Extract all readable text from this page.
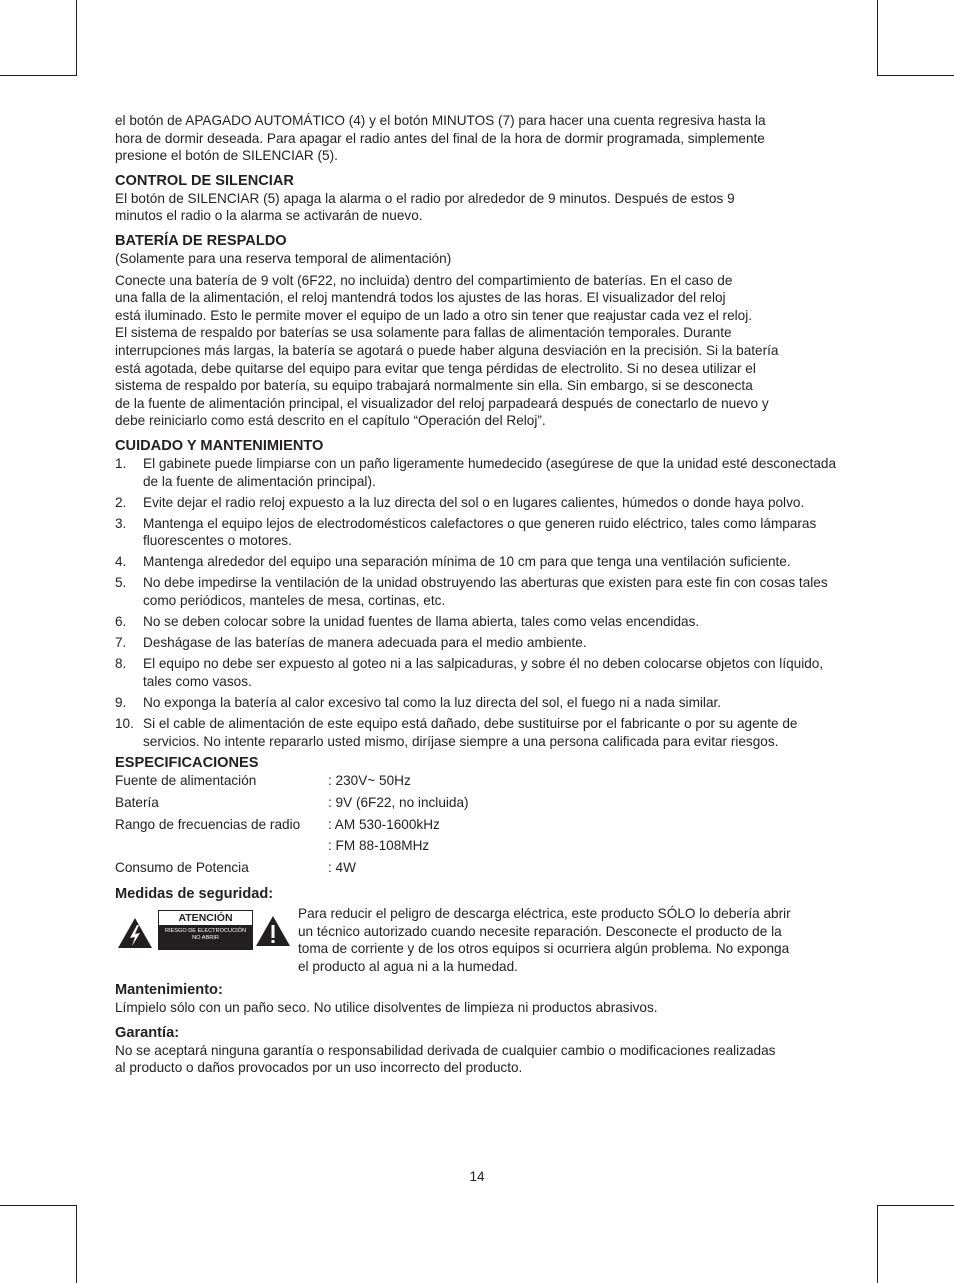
el botón de APAGADO AUTOMÁTICO (4) y el botón MINUTOS (7) para hacer una cuenta regresiva hasta la
hora de dormir deseada. Para apagar el radio antes del final de la hora de dormir programada, simplemente
presione el botón de SILENCIAR (5).

CONTROL DE SILENCIAR

El botón de SILENCIAR (5) apaga la alarma o el radio por alrededor de 9 minutos. Después de estos 9
minutos el radio o la alarma se activarán de nuevo.

BATERÍA DE RESPALDO

(Solamente para una reserva temporal de alimentación)
Conecte una batería de 9 volt (6F22, no incluida) dentro del compartimiento de baterías. En el caso de
una falla de la alimentación, el reloj mantendrá todos los ajustes de las horas. El visualizador del reloj
está iluminado. Esto le permite mover el equipo de un lado a otro sin tener que reajustar cada vez el reloj.
El sistema de respaldo por baterías se usa solamente para fallas de alimentación temporales. Durante
interrupciones más largas, la batería se agotará o puede haber alguna desviación en la precisión. Si la batería
está agotada, debe quitarse del equipo para evitar que tenga pérdidas de electrolito. Si no desea utilizar el
sistema de respaldo por batería, su equipo trabajará normalmente sin ella. Sin embargo, si se desconecta
de la fuente de alimentación principal, el visualizador del reloj parpadeará después de conectarlo de nuevo y
debe reiniciarlo como está descrito en el capítulo “Operación del Reloj”.

CUIDADO Y MANTENIMIENTO

1. El gabinete puede limpiarse con un paño ligeramente humedecido (asegúrese de que la unidad esté desconectada de la fuente de alimentación principal).
2. Evite dejar el radio reloj expuesto a la luz directa del sol o en lugares calientes, húmedos o donde haya polvo.
3. Mantenga el equipo lejos de electrodomésticos calefactores o que generen ruido eléctrico, tales como lámparas fluorescentes o motores.
4. Mantenga alrededor del equipo una separación mínima de 10 cm para que tenga una ventilación suficiente.
5. No debe impedirse la ventilación de la unidad obstruyendo las aberturas que existen para este fin con cosas tales como periódicos, manteles de mesa, cortinas, etc.
6. No se deben colocar sobre la unidad fuentes de llama abierta, tales como velas encendidas.
7. Deshágase de las baterías de manera adecuada para el medio ambiente.
8. El equipo no debe ser expuesto al goteo ni a las salpicaduras, y sobre él no deben colocarse objetos con líquido, tales como vasos.
9. No exponga la batería al calor excesivo tal como la luz directa del sol, el fuego ni a nada similar.
10. Si el cable de alimentación de este equipo está dañado, debe sustituirse por el fabricante o por su agente de servicios. No intente repararlo usted mismo, diríjase siempre a una persona calificada para evitar riesgos.

ESPECIFICACIONES

Fuente de alimentación	: 230V~ 50Hz
Batería	: 9V (6F22, no incluida)
Rango de frecuencias de radio	: AM 530-1600kHz
: FM 88-108MHz
Consumo de Potencia	: 4W

Medidas de seguridad:

ATENCIÓN
RIESGO DE ELECTROCUCIÓN
NO ABRIR
Para reducir el peligro de descarga eléctrica, este producto SÓLO lo debería abrir
un técnico autorizado cuando necesite reparación. Desconecte el producto de la
toma de corriente y de los otros equipos si ocurriera algún problema. No exponga
el producto al agua ni a la humedad.

Mantenimiento:

Límpielo sólo con un paño seco. No utilice disolventes de limpieza ni productos abrasivos.

Garantía:

No se aceptará ninguna garantía o responsabilidad derivada de cualquier cambio o modificaciones realizadas
al producto o daños provocados por un uso incorrecto del producto.
14
